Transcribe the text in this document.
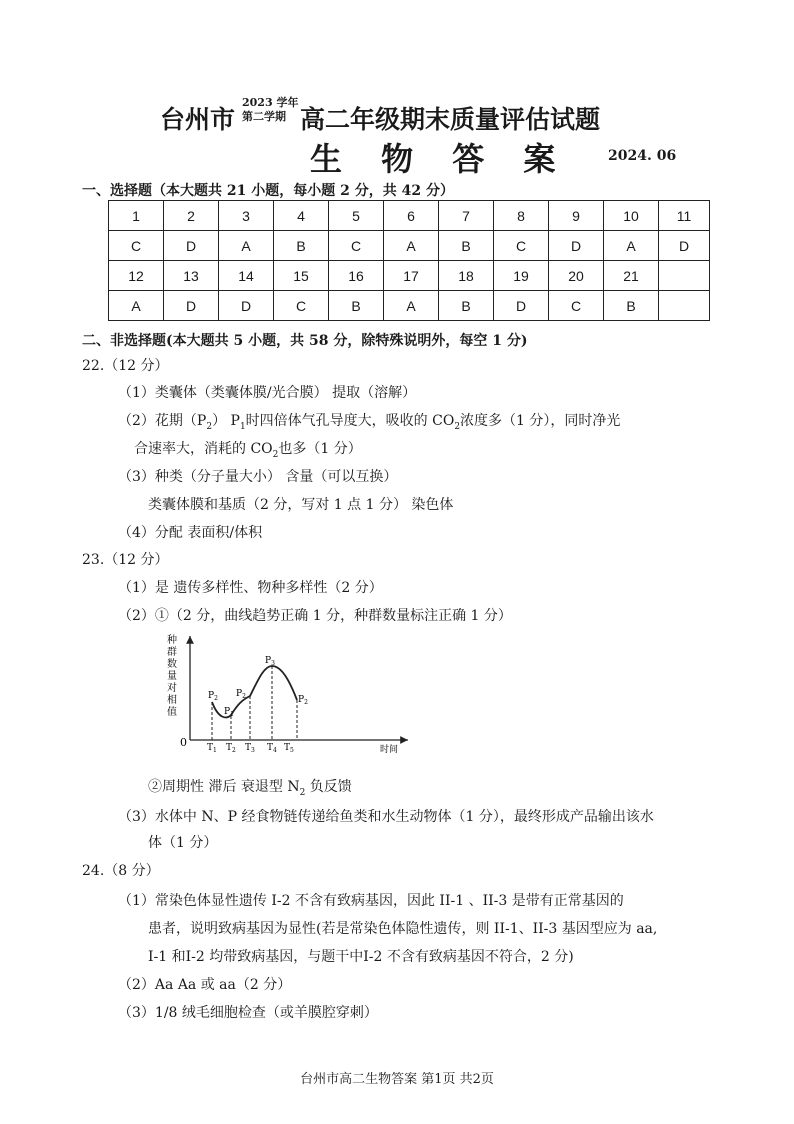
台州市
2023 学年
第二学期 高二年级期末质量评估试题
生 物 答 案	2024. 06
一、选择题（本大题共 21 小题，每小题 2 分，共 42 分）
1	2	3	4	5	6	7	8	9	10	11
C	D	A	B	C	A	B	C	D	A	D
12	13	14	15	16	17	18	19	20	21	
A	D	D	C	B	A	B	D	C	B	
二、非选择题(本大题共 5 小题，共 58 分，除特殊说明外，每空 1 分)
22.（12 分）
（1）类囊体（类囊体膜/光合膜） 提取（溶解）
（2）花期$(P_2)$ $P_1$时四倍体气孔导度大，吸收的 $CO_2$浓度多（1 分），同时净光
合速率大，消耗的 $CO_2$也多（1 分）
（3）种类（分子量大小） 含量（可以互换）
类囊体膜和基质（2 分，写对 1 点 1 分） 染色体
（4）分配 表面积/体积
23.（12 分）
（1）是 遗传多样性、物种多样性（2 分）
（2）①（2 分，曲线趋势正确 1 分，种群数量标注正确 1 分）
种
群
数
量
对
相
值
0
时间
$P_2$
$P_1$
$P_2$
$P_3$
$P_2$
$T_1$ $T_2$ $T_3$ $T_4$ $T_5$
②周期性 滞后 衰退型 $N_2$ 负反馈
（3）水体中 N、P 经食物链传递给鱼类和水生动物体（1 分），最终形成产品输出该水
体（1 分）
24.（8 分）
（1）常染色体显性遗传 Ⅰ-2 不含有致病基因，因此 II-1 、II-3 是带有正常基因的
患者，说明致病基因为显性(若是常染色体隐性遗传，则 II-1、II-3 基因型应为 aa,
Ⅰ-1 和Ⅰ-2 均带致病基因，与题干中Ⅰ-2 不含有致病基因不符合，2 分)
（2）Aa Aa 或 aa（2 分）
（3）1/8 绒毛细胞检查（或羊膜腔穿刺）
台州市高二生物答案 第1页 共2页
